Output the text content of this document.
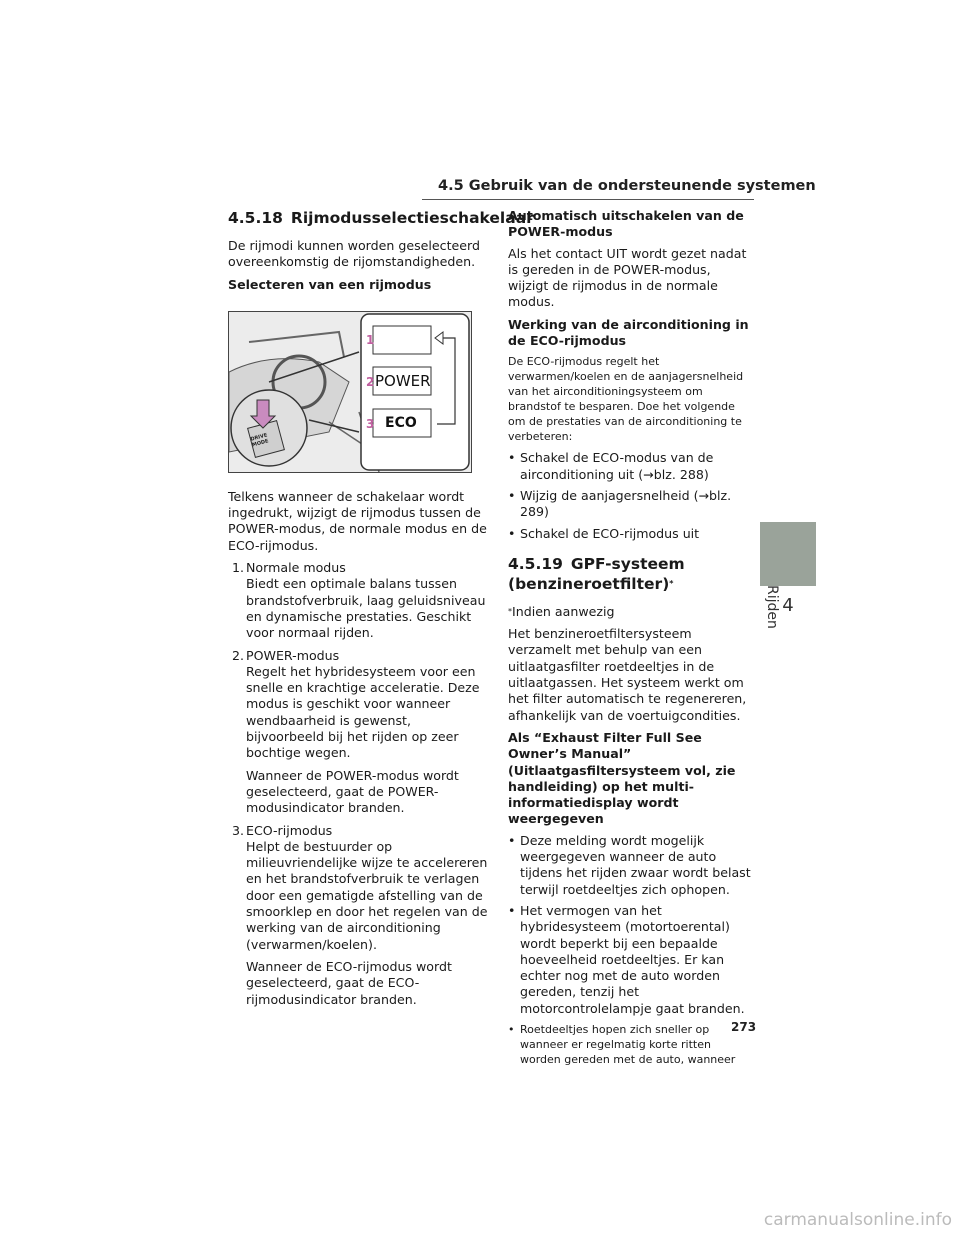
4.5 Gebruik van de ondersteunende systemen
4
Rijden
4.5.18 Rijmodusselectieschakelaar

De rijmodi kunnen worden geselecteerd overeenkomstig de rijomstandigheden.

Selecteren van een rijmodus

1
2
3
POWER
ECO
DRIVE MODE

Telkens wanneer de schakelaar wordt ingedrukt, wijzigt de rijmodus tussen de POWER-modus, de normale modus en de ECO-rijmodus.

1. Normale modus

Biedt een optimale balans tussen brandstofverbruik, laag geluidsniveau en dynamische prestaties. Geschikt voor normaal rijden.

2. POWER-modus

Regelt het hybridesysteem voor een snelle en krachtige acceleratie. Deze modus is geschikt voor wanneer wendbaarheid is gewenst, bijvoorbeeld bij het rijden op zeer bochtige wegen.

Wanneer de POWER-modus wordt geselecteerd, gaat de POWER-modusindicator branden.

3. ECO-rijmodus

Helpt de bestuurder op milieuvriendelijke wijze te accelereren en het brandstofverbruik te verlagen door een gematigde afstelling van de smoorklep en door het regelen van de werking van de airconditioning (verwarmen/koelen).

Wanneer de ECO-rijmodus wordt geselecteerd, gaat de ECO-rijmodusindicator branden.

Automatisch uitschakelen van de POWER-modus

Als het contact UIT wordt gezet nadat is gereden in de POWER-modus, wijzigt de rijmodus in de normale modus.

Werking van de airconditioning in de ECO-rijmodus

De ECO-rijmodus regelt het verwarmen/koelen en de aanjagersnelheid van het airconditioningsysteem om brandstof te besparen. Doe het volgende om de prestaties van de airconditioning te verbeteren:

• Schakel de ECO-modus van de airconditioning uit (→blz. 288)
• Wijzig de aanjagersnelheid (→blz. 289)
• Schakel de ECO-rijmodus uit
4.5.19 GPF-systeem (benzineroetfilter)*

*Indien aanwezig

Het benzineroetfiltersysteem verzamelt met behulp van een uitlaatgasfilter roetdeeltjes in de uitlaatgassen. Het systeem werkt om het filter automatisch te regenereren, afhankelijk van de voertuigcondities.

Als “Exhaust Filter Full See Owner’s Manual” (Uitlaatgasfiltersysteem vol, zie handleiding) op het multi-informatiedisplay wordt weergegeven

• Deze melding wordt mogelijk weergegeven wanneer de auto tijdens het rijden zwaar wordt belast terwijl roetdeeltjes zich ophopen.
• Het vermogen van het hybridesysteem (motortoerental) wordt beperkt bij een bepaalde hoeveelheid roetdeeltjes. Er kan echter nog met de auto worden gereden, tenzij het motorcontrolelampje gaat branden.
• Roetdeeltjes hopen zich sneller op wanneer er regelmatig korte ritten worden gereden met de auto, wanneer
273
carmanualsonline.info
